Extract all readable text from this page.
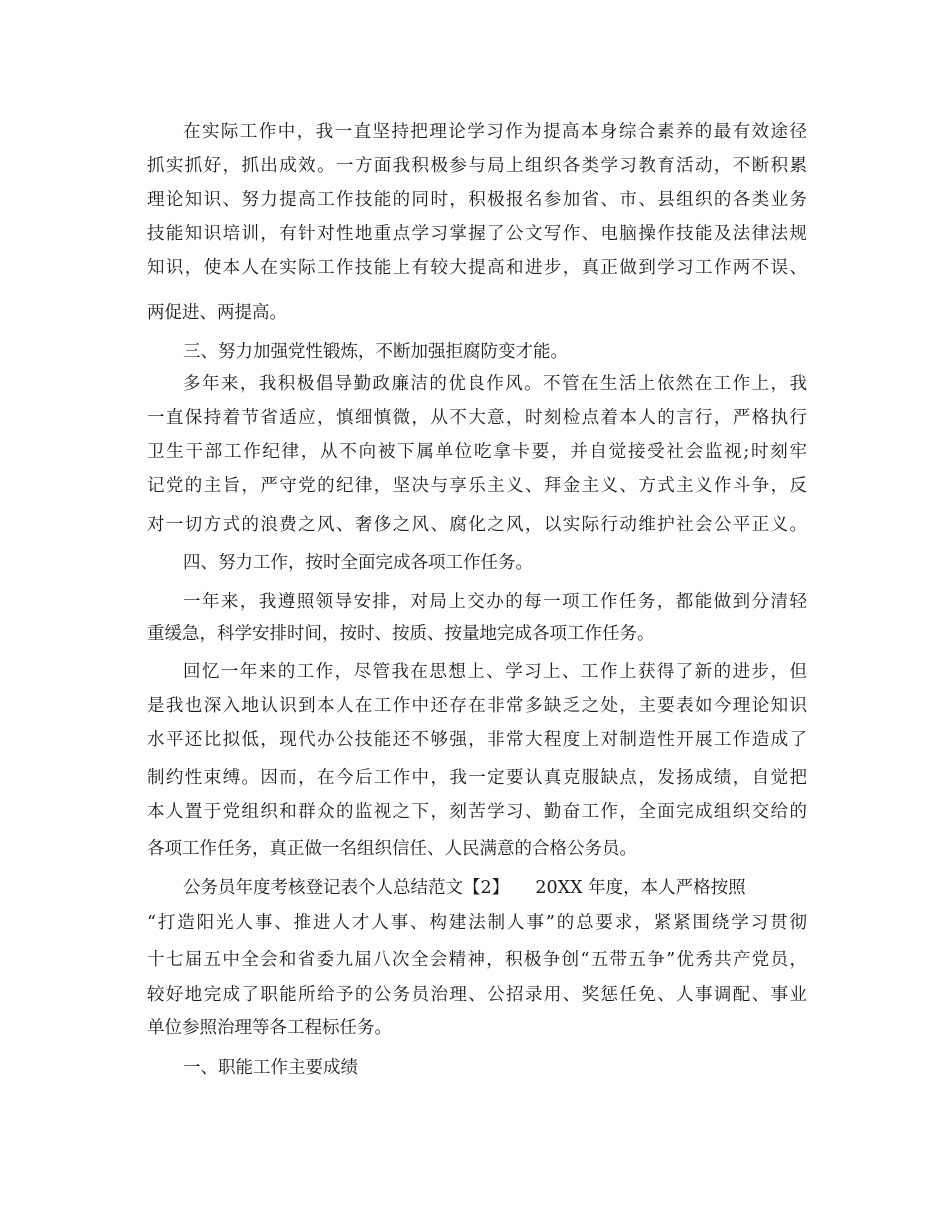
在实际工作中，我一直坚持把理论学习作为提高本身综合素养的最有效途径
抓实抓好，抓出成效。一方面我积极参与局上组织各类学习教育活动，不断积累
理论知识、努力提高工作技能的同时，积极报名参加省、市、县组织的各类业务
技能知识培训，有针对性地重点学习掌握了公文写作、电脑操作技能及法律法规
知识，使本人在实际工作技能上有较大提高和进步，真正做到学习工作两不误、
两促进、两提高。
三、努力加强党性锻炼，不断加强拒腐防变才能。
多年来，我积极倡导勤政廉洁的优良作风。不管在生活上依然在工作上，我
一直保持着节省适应，慎细慎微，从不大意，时刻检点着本人的言行，严格执行
卫生干部工作纪律，从不向被下属单位吃拿卡要，并自觉接受社会监视;时刻牢
记党的主旨，严守党的纪律，坚决与享乐主义、拜金主义、方式主义作斗争，反
对一切方式的浪费之风、奢侈之风、腐化之风，以实际行动维护社会公平正义。
四、努力工作，按时全面完成各项工作任务。
一年来，我遵照领导安排，对局上交办的每一项工作任务，都能做到分清轻
重缓急，科学安排时间，按时、按质、按量地完成各项工作任务。
回忆一年来的工作，尽管我在思想上、学习上、工作上获得了新的进步，但
是我也深入地认识到本人在工作中还存在非常多缺乏之处，主要表如今理论知识
水平还比拟低，现代办公技能还不够强，非常大程度上对制造性开展工作造成了
制约性束缚。因而，在今后工作中，我一定要认真克服缺点，发扬成绩，自觉把
本人置于党组织和群众的监视之下，刻苦学习、勤奋工作，全面完成组织交给的
各项工作任务，真正做一名组织信任、人民满意的合格公务员。
公务员年度考核登记表个人总结范文【2】　　20XX 年度，本人严格按照
“打造阳光人事、推进人才人事、构建法制人事”的总要求，紧紧围绕学习贯彻
十七届五中全会和省委九届八次全会精神，积极争创“五带五争”优秀共产党员，
较好地完成了职能所给予的公务员治理、公招录用、奖惩任免、人事调配、事业
单位参照治理等各工程标任务。
一、职能工作主要成绩
